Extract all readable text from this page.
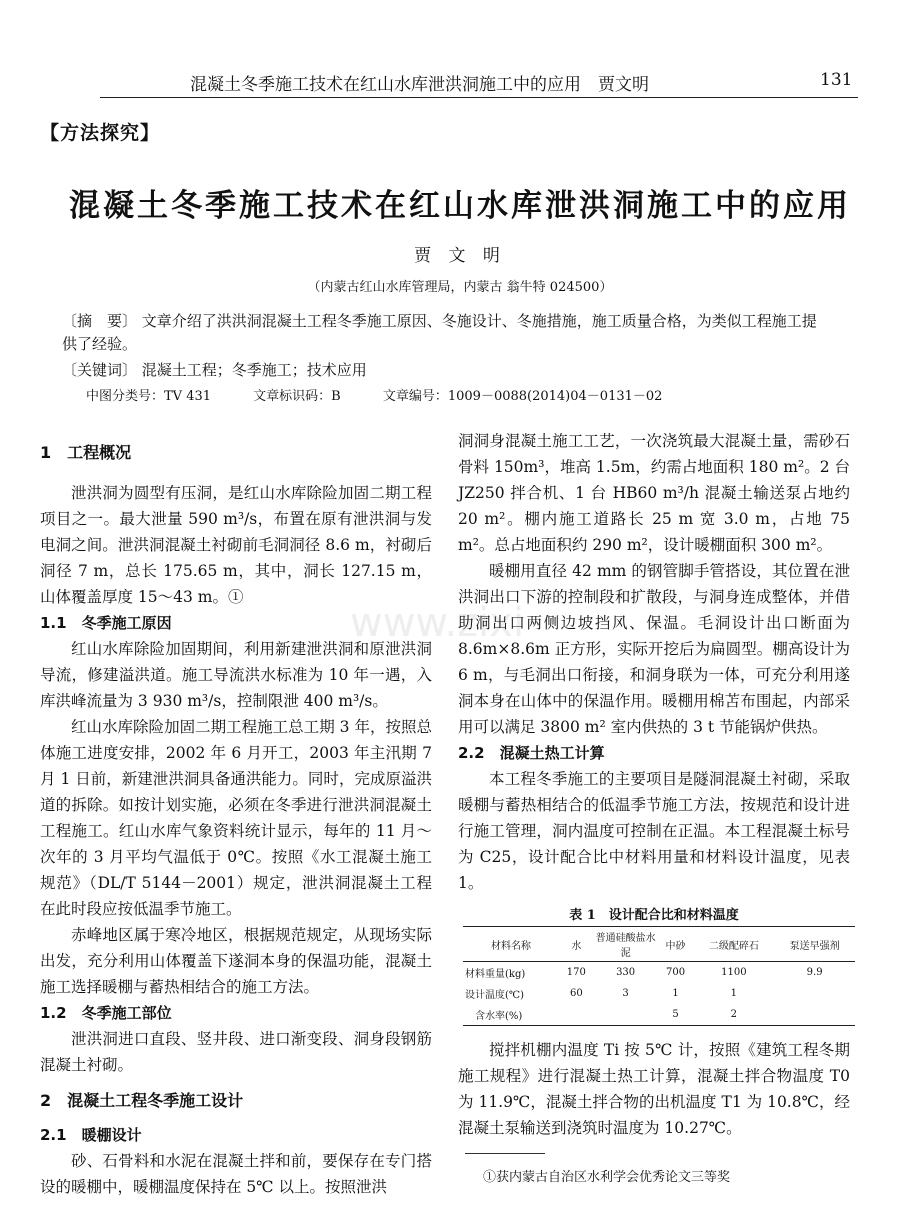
www.zixi
混凝土冬季施工技术在红山水库泄洪洞施工中的应用　贾文明	131
【方法探究】
混凝土冬季施工技术在红山水库泄洪洞施工中的应用
贾 文 明
（内蒙古红山水库管理局，内蒙古 翁牛特 024500）
〔摘　要〕 文章介绍了洪洪洞混凝土工程冬季施工原因、冬施设计、冬施措施，施工质量合格，为类似工程施工提供了经验。
〔关键词〕 混凝土工程；冬季施工；技术应用
中图分类号：TV 431	文章标识码：B	文章编号：1009－0088(2014)04－0131－02
1　工程概况

泄洪洞为圆型有压洞，是红山水库除险加固二期工程项目之一。最大泄量 590 m³/s，布置在原有泄洪洞与发电洞之间。泄洪洞混凝土衬砌前毛洞洞径 8.6 m，衬砌后洞径 7 m，总长 175.65 m，其中，洞长 127.15 m，山体覆盖厚度 15～43 m。①

1.1　冬季施工原因

红山水库除险加固期间，利用新建泄洪洞和原泄洪洞导流，修建溢洪道。施工导流洪水标准为 10 年一遇，入库洪峰流量为 3 930 m³/s，控制限泄 400 m³/s。

红山水库除险加固二期工程施工总工期 3 年，按照总体施工进度安排，2002 年 6 月开工，2003 年主汛期 7 月 1 日前，新建泄洪洞具备通洪能力。同时，完成原溢洪道的拆除。如按计划实施，必须在冬季进行泄洪洞混凝土工程施工。红山水库气象资料统计显示，每年的 11 月～次年的 3 月平均气温低于 0℃。按照《水工混凝土施工规范》（DL/T 5144－2001）规定，泄洪洞混凝土工程在此时段应按低温季节施工。

赤峰地区属于寒冷地区，根据规范规定，从现场实际出发，充分利用山体覆盖下遂洞本身的保温功能，混凝土施工选择暖棚与蓄热相结合的施工方法。

1.2　冬季施工部位

泄洪洞进口直段、竖井段、进口渐变段、洞身段钢筋混凝土衬砌。

2　混凝土工程冬季施工设计
2.1　暖棚设计

砂、石骨料和水泥在混凝土拌和前，要保存在专门搭设的暖棚中，暖棚温度保持在 5℃ 以上。按照泄洪

洞洞身混凝土施工工艺，一次浇筑最大混凝土量，需砂石骨料 150m³，堆高 1.5m，约需占地面积 180 m²。2 台 JZ250 拌合机、1 台 HB60 m³/h 混凝土输送泵占地约 20 m²。棚内施工道路长 25 m 宽 3.0 m，占地 75 m²。总占地面积约 290 m²，设计暖棚面积 300 m²。

暖棚用直径 42 mm 的钢管脚手管搭设，其位置在泄洪洞出口下游的控制段和扩散段，与洞身连成整体，并借助洞出口两侧边坡挡风、保温。毛洞设计出口断面为 8.6m×8.6m 正方形，实际开挖后为扁圆型。棚高设计为 6 m，与毛洞出口衔接，和洞身联为一体，可充分利用遂洞本身在山体中的保温作用。暖棚用棉苫布围起，内部采用可以满足 3800 m² 室内供热的 3 t 节能锅炉供热。

2.2　混凝土热工计算

本工程冬季施工的主要项目是隧洞混凝土衬砌，采取暖棚与蓄热相结合的低温季节施工方法，按规范和设计进行施工管理，洞内温度可控制在正温。本工程混凝土标号为 C25，设计配合比中材料用量和材料设计温度，见表 1。

表 1　设计配合比和材料温度
材料名称	水	普通硅酸盐水泥	中砂	二级配碎石	泵送早强剂
材料重量(kg)	170	330	700	1100	9.9
设计温度(℃)	60	3	1	1	
含水率(%)			5	2	

搅拌机棚内温度 Ti 按 5℃ 计，按照《建筑工程冬期施工规程》进行混凝土热工计算，混凝土拌合物温度 T0 为 11.9℃，混凝土拌合物的出机温度 T1 为 10.8℃，经混凝土泵输送到浇筑时温度为 10.27℃。

①获内蒙古自治区水利学会优秀论文三等奖
